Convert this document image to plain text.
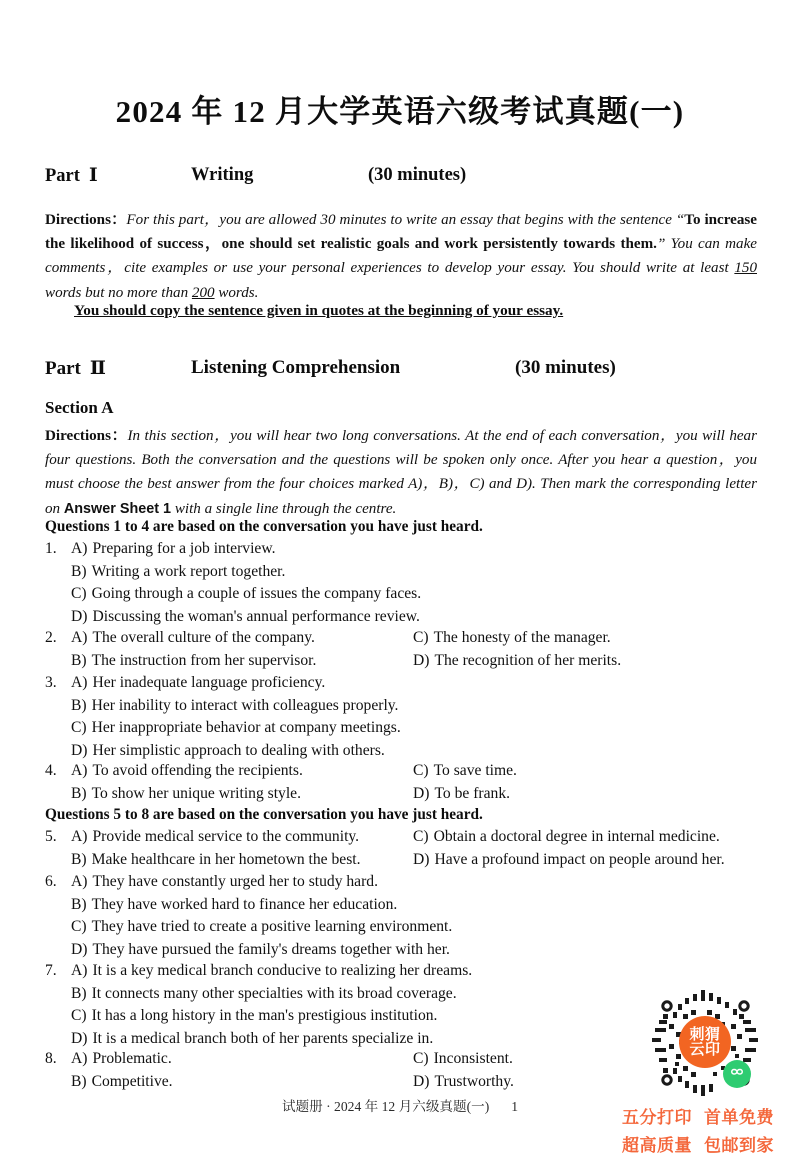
2024 年 12 月大学英语六级考试真题(一)
Part Ⅰ	Writing	(30 minutes)
Directions：For this part，you are allowed 30 minutes to write an essay that begins with the sentence “To increase the likelihood of success，one should set realistic goals and work persistently towards them.” You can make comments，cite examples or use your personal experiences to develop your essay. You should write at least 150 words but no more than 200 words.
You should copy the sentence given in quotes at the beginning of your essay.
Part Ⅱ	Listening Comprehension	(30 minutes)
Section A
Directions：In this section，you will hear two long conversations. At the end of each conversation，you will hear four questions. Both the conversation and the questions will be spoken only once. After you hear a question，you must choose the best answer from the four choices marked A)，B)，C) and D). Then mark the corresponding letter on Answer Sheet 1 with a single line through the centre.
Questions 1 to 4 are based on the conversation you have just heard.
1. A) Preparing for a job interview.
B) Writing a work report together.
C) Going through a couple of issues the company faces.
D) Discussing the woman's annual performance review.
2. A) The overall culture of the company.
B) The instruction from her supervisor.
C) The honesty of the manager.
D) The recognition of her merits.
3. A) Her inadequate language proficiency.
B) Her inability to interact with colleagues properly.
C) Her inappropriate behavior at company meetings.
D) Her simplistic approach to dealing with others.
4. A) To avoid offending the recipients.
B) To show her unique writing style.
C) To save time.
D) To be frank.
Questions 5 to 8 are based on the conversation you have just heard.
5. A) Provide medical service to the community.
B) Make healthcare in her hometown the best.
C) Obtain a doctoral degree in internal medicine.
D) Have a profound impact on people around her.
6. A) They have constantly urged her to study hard.
B) They have worked hard to finance her education.
C) They have tried to create a positive learning environment.
D) They have pursued the family's dreams together with her.
7. A) It is a key medical branch conducive to realizing her dreams.
B) It connects many other specialties with its broad coverage.
C) It has a long history in the man's prestigious institution.
D) It is a medical branch both of her parents specialize in.
8. A) Problematic.
B) Competitive.
C) Inconsistent.
D) Trustworthy.
试题册 · 2024 年 12 月六级真题(一) 1
刺猬
云印
五分打印 首单免费
超高质量 包邮到家
